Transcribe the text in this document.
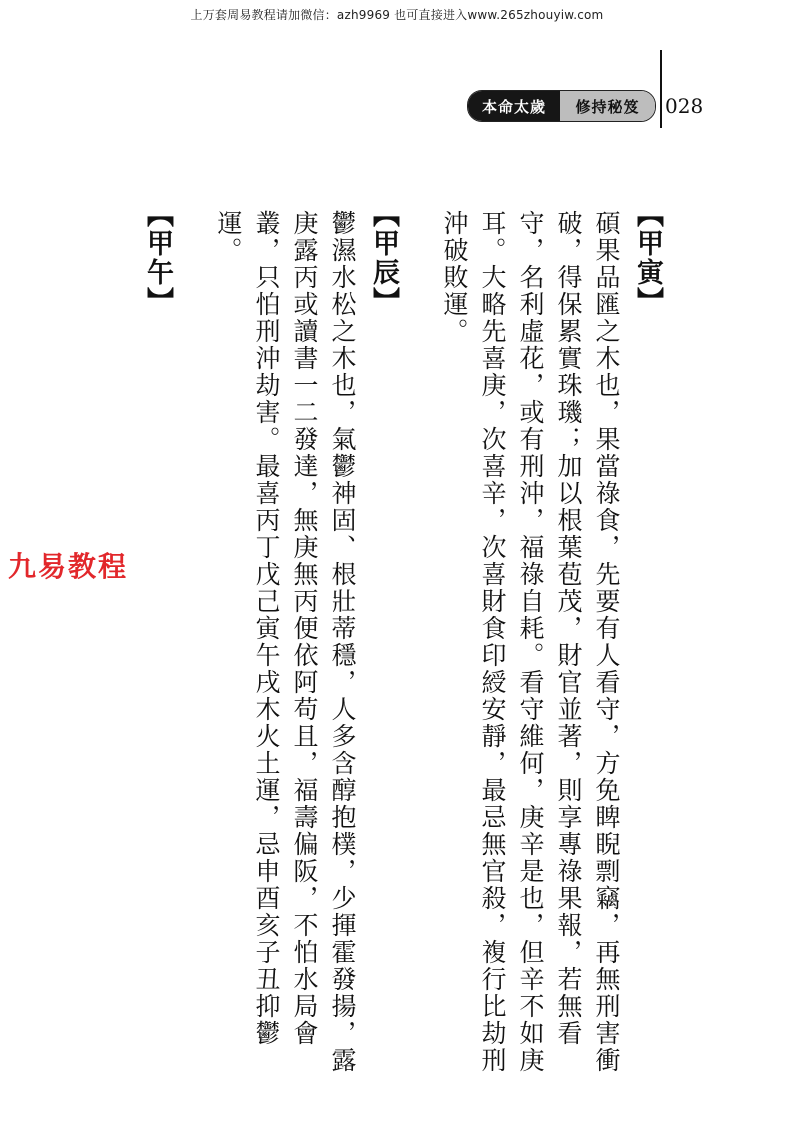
上万套周易教程请加微信：azh9969 也可直接进入www.265zhouyiw.com
本命太歲	修持秘笈	028
【甲寅】
碩果品匯之木也，果當祿食，先要有人看守，方免睥睨剽竊，再無刑害衝
破，得保累實珠璣；加以根葉苞茂，財官並著，則享專祿果報，若無看
守，名利虛花，或有刑沖，福祿自耗。看守維何，庚辛是也，但辛不如庚
耳。大略先喜庚，次喜辛，次喜財食印綬安靜，最忌無官殺，複行比劫刑
沖破敗運。
【甲辰】
鬱濕水松之木也，氣鬱神固、根壯蒂穩，人多含醇抱樸，少揮霍發揚，露
庚露丙或讀書一二發達，無庚無丙便依阿苟且，福壽偏阪，不怕水局會
叢，只怕刑沖劫害。最喜丙丁戊己寅午戌木火土運，忌申酉亥子丑抑鬱
運。
【甲午】
九易教程
